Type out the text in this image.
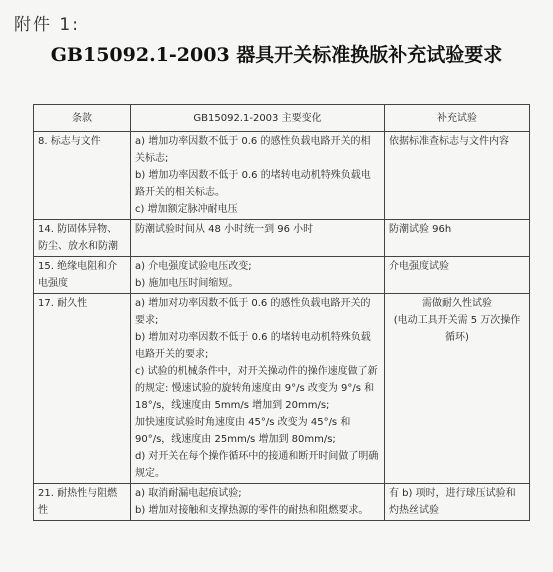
附件 1:
GB15092.1-2003 器具开关标准换版补充试验要求
条款	GB15092.1-2003 主要变化	补充试验
8. 标志与文件	a) 增加功率因数不低于 0.6 的感性负载电路开关的相关标志;
b) 增加功率因数不低于 0.6 的堵转电动机特殊负载电路开关的相关标志。
c) 增加额定脉冲耐电压	依据标准查标志与文件内容
14. 防固体异物、防尘、放水和防潮	防潮试验时间从 48 小时统一到 96 小时	防潮试验 96h
15. 绝缘电阻和介电强度	a) 介电强度试验电压改变;
b) 施加电压时间缩短。	介电强度试验
17. 耐久性	a) 增加对功率因数不低于 0.6 的感性负载电路开关的要求;
b) 增加对功率因数不低于 0.6 的堵转电动机特殊负载电路开关的要求;
c) 试验的机械条件中，对开关操动件的操作速度做了新的规定: 慢速试验的旋转角速度由 9°/s 改变为 9°/s 和 18°/s，线速度由 5mm/s 增加到 20mm/s;
加快速度试验时角速度由 45°/s 改变为 45°/s 和 90°/s，线速度由 25mm/s 增加到 80mm/s;
d) 对开关在每个操作循环中的接通和断开时间做了明确规定。	需做耐久性试验
(电动工具开关需 5 万次操作循环)
21. 耐热性与阻燃性	a) 取消耐漏电起痕试验;
b) 增加对接触和支撑热源的零件的耐热和阻燃要求。	有 b) 项时，进行球压试验和灼热丝试验
